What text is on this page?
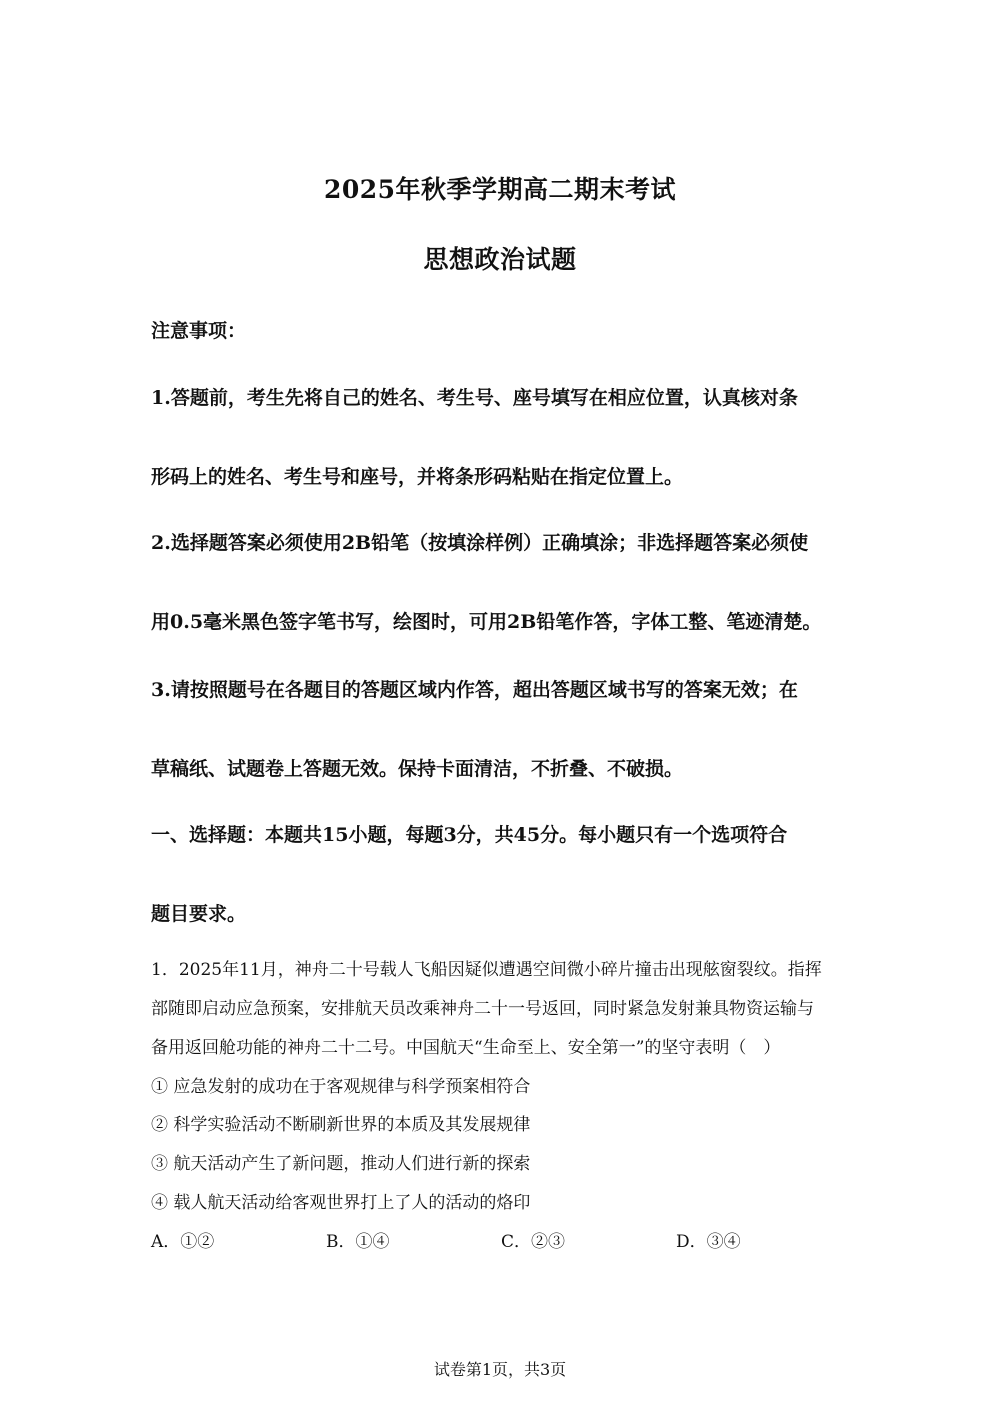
2025年秋季学期高二期末考试
思想政治试题
注意事项：
1.答题前，考生先将自己的姓名、考生号、座号填写在相应位置，认真核对条
形码上的姓名、考生号和座号，并将条形码粘贴在指定位置上。
2.选择题答案必须使用2B铅笔（按填涂样例）正确填涂；非选择题答案必须使
用0.5毫米黑色签字笔书写，绘图时，可用2B铅笔作答，字体工整、笔迹清楚。
3.请按照题号在各题目的答题区域内作答，超出答题区域书写的答案无效；在
草稿纸、试题卷上答题无效。保持卡面清洁，不折叠、不破损。
一、选择题：本题共15小题，每题3分，共45分。每小题只有一个选项符合
题目要求。
1．2025年11月，神舟二十号载人飞船因疑似遭遇空间微小碎片撞击出现舷窗裂纹。指挥
部随即启动应急预案，安排航天员改乘神舟二十一号返回，同时紧急发射兼具物资运输与
备用返回舱功能的神舟二十二号。中国航天“生命至上、安全第一”的坚守表明（　）
① 应急发射的成功在于客观规律与科学预案相符合
② 科学实验活动不断刷新世界的本质及其发展规律
③ 航天活动产生了新问题，推动人们进行新的探索
④ 载人航天活动给客观世界打上了人的活动的烙印
A．①②	B．①④	C．②③	D．③④
试卷第1页，共3页
